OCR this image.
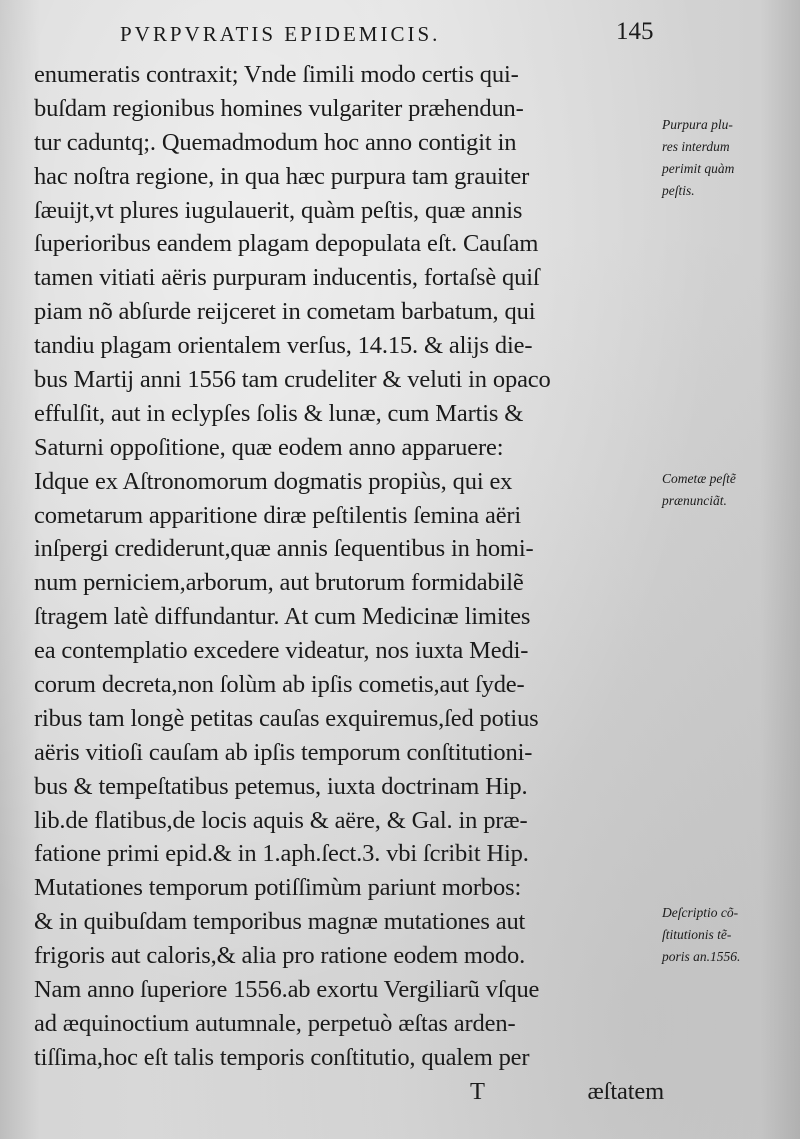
PVRPVRATIS EPIDEMICIS.	145
enumeratis contraxit; Vnde ſimili modo certis qui-
buſdam regionibus homines vulgariter præhendun-
tur caduntq;. Quemadmodum hoc anno contigit in
hac noſtra regione, in qua hæc purpura tam grauiter
ſæuijt,vt plures iugulauerit, quàm peſtis, quæ annis
ſuperioribus eandem plagam depopulata eſt. Cauſam
tamen vitiati aëris purpuram inducentis, fortaſsè quiſ
piam nõ abſurde reijceret in cometam barbatum, qui
tandiu plagam orientalem verſus, 14.15. & alijs die-
bus Martij anni 1556 tam crudeliter & veluti in opaco
effulſit, aut in eclypſes ſolis & lunæ, cum Martis &
Saturni oppoſitione, quæ eodem anno apparuere:
Idque ex Aſtronomorum dogmatis propiùs, qui ex
cometarum apparitione diræ peſtilentis ſemina aëri
inſpergi crediderunt,quæ annis ſequentibus in homi-
num perniciem,arborum, aut brutorum formidabilẽ
ſtragem latè diffundantur. At cum Medicinæ limites
ea contemplatio excedere videatur, nos iuxta Medi-
corum decreta,non ſolùm ab ipſis cometis,aut ſyde-
ribus tam longè petitas cauſas exquiremus,ſed potius
aëris vitioſi cauſam ab ipſis temporum conſtitutioni-
bus & tempeſtatibus petemus, iuxta doctrinam Hip.
lib.de flatibus,de locis aquis & aëre, & Gal. in præ-
fatione primi epid.& in 1.aph.ſect.3. vbi ſcribit Hip.
Mutationes temporum potiſſimùm pariunt morbos:
& in quibuſdam temporibus magnæ mutationes aut
frigoris aut caloris,& alia pro ratione eodem modo.
Nam anno ſuperiore 1556.ab exortu Vergiliarũ vſque
ad æquinoctium autumnale, perpetuò æſtas arden-
tiſſima,hoc eſt talis temporis conſtitutio, qualem per
T	æſtatem
Purpura plu-
res interdum
perimit quàm
peſtis.
Cometæ peſtẽ
prænunciãt.
Deſcriptio cõ-
ſtitutionis tẽ-
poris an.1556.
